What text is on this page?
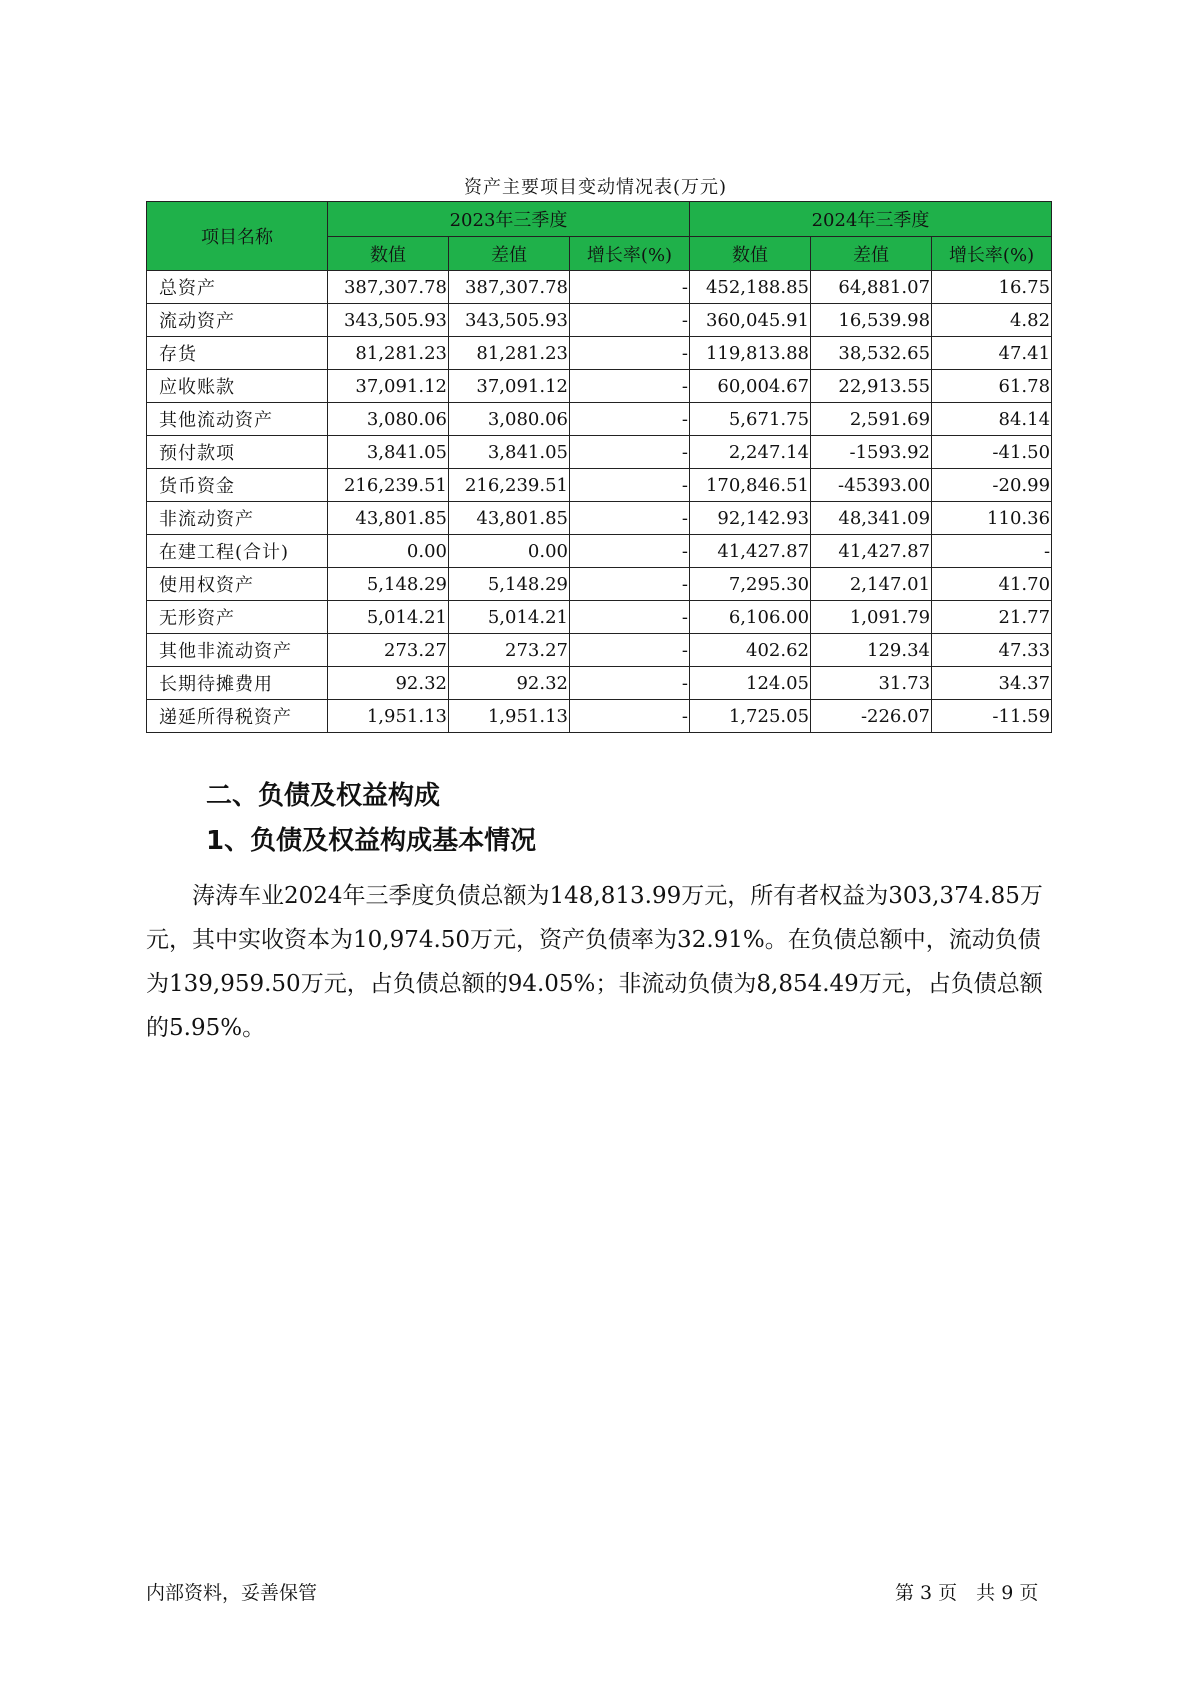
资产主要项目变动情况表(万元)
项目名称	2023年三季度			2024年三季度		
	数值	差值	增长率(%)	数值	差值	增长率(%)
总资产	387,307.78	387,307.78	-	452,188.85	64,881.07	16.75
流动资产	343,505.93	343,505.93	-	360,045.91	16,539.98	4.82
存货	81,281.23	81,281.23	-	119,813.88	38,532.65	47.41
应收账款	37,091.12	37,091.12	-	60,004.67	22,913.55	61.78
其他流动资产	3,080.06	3,080.06	-	5,671.75	2,591.69	84.14
预付款项	3,841.05	3,841.05	-	2,247.14	-1593.92	-41.50
货币资金	216,239.51	216,239.51	-	170,846.51	-45393.00	-20.99
非流动资产	43,801.85	43,801.85	-	92,142.93	48,341.09	110.36
在建工程(合计)	0.00	0.00	-	41,427.87	41,427.87	-
使用权资产	5,148.29	5,148.29	-	7,295.30	2,147.01	41.70
无形资产	5,014.21	5,014.21	-	6,106.00	1,091.79	21.77
其他非流动资产	273.27	273.27	-	402.62	129.34	47.33
长期待摊费用	92.32	92.32	-	124.05	31.73	34.37
递延所得税资产	1,951.13	1,951.13	-	1,725.05	-226.07	-11.59
二、负债及权益构成
1、负债及权益构成基本情况

涛涛车业2024年三季度负债总额为148,813.99万元，所有者权益为303,374.85万元，其中实收资本为10,974.50万元，资产负债率为32.91%。在负债总额中，流动负债为139,959.50万元，占负债总额的94.05%；非流动负债为8,854.49万元，占负债总额的5.95%。

内部资料，妥善保管	第 3 页　共 9 页
